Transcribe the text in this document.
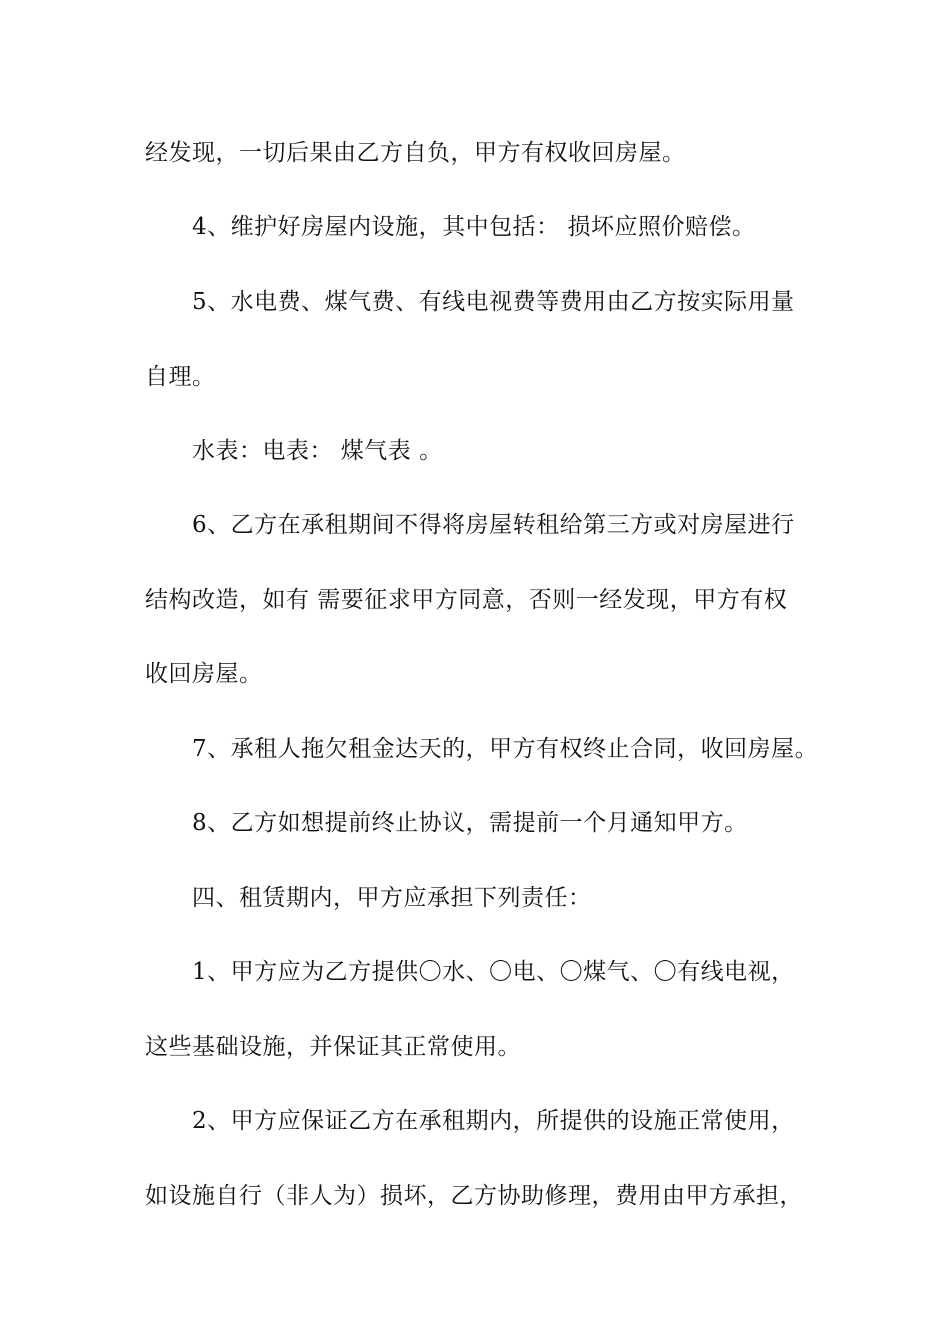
经发现，一切后果由乙方自负，甲方有权收回房屋。
4、维护好房屋内设施，其中包括： 损坏应照价赔偿。
5、水电费、煤气费、有线电视费等费用由乙方按实际用量
自理。
水表：电表： 煤气表 。
6、乙方在承租期间不得将房屋转租给第三方或对房屋进行
结构改造，如有 需要征求甲方同意，否则一经发现，甲方有权
收回房屋。
7、承租人拖欠租金达天的，甲方有权终止合同，收回房屋。
8、乙方如想提前终止协议，需提前一个月通知甲方。
四、租赁期内，甲方应承担下列责任：
1、甲方应为乙方提供〇水、〇电、〇煤气、〇有线电视，
这些基础设施，并保证其正常使用。
2、甲方应保证乙方在承租期内，所提供的设施正常使用，
如设施自行（非人为）损坏，乙方协助修理，费用由甲方承担，
